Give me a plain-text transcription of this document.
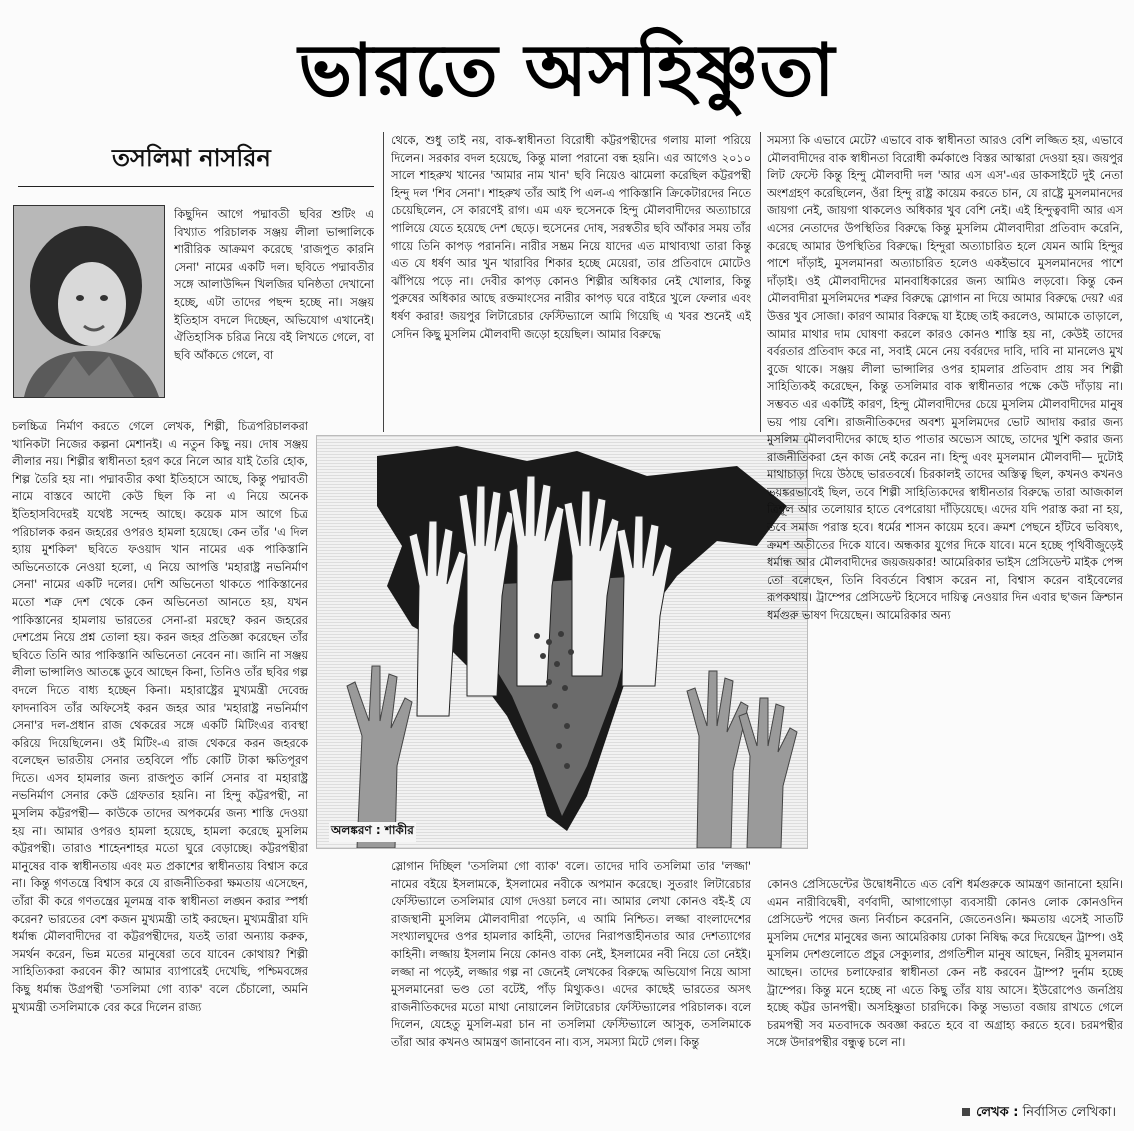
ভারতে অসহিষ্ণুতা
তসলিমা নাসরিন

কিছুদিন আগে পদ্মাবতী ছবির শুটিং এ বিখ্যাত পরিচালক সঞ্জয় লীলা ভান্সালিকে শারীরিক আক্রমণ করেছে 'রাজপুত কারনি সেনা' নামের একটি দল। ছবিতে পদ্মাবতীর সঙ্গে আলাউদ্দিন খিলজির ঘনিষ্ঠতা দেখানো হচ্ছে, এটা তাদের পছন্দ হচ্ছে না। সঞ্জয় ইতিহাস বদলে দিচ্ছেন, অভিযোগ এখানেই। ঐতিহাসিক চরিত্র নিয়ে বই লিখতে গেলে, বা ছবি আঁকতে গেলে, বা

চলচ্চিত্র নির্মাণ করতে গেলে লেখক, শিল্পী, চিত্রপরিচালকরা খানিকটা নিজের কল্পনা মেশানই। এ নতুন কিছু নয়। দোষ সঞ্জয় লীলার নয়। শিল্পীর স্বাধীনতা হরণ করে নিলে আর যাই তৈরি হোক, শিল্প তৈরি হয় না। পদ্মাবতীর কথা ইতিহাসে আছে, কিন্তু পদ্মাবতী নামে বাস্তবে আদৌ কেউ ছিল কি না এ নিয়ে অনেক ইতিহাসবিদেরই যথেষ্ট সন্দেহ আছে। কয়েক মাস আগে চিত্র পরিচালক করন জহরের ওপরও হামলা হয়েছে। কেন তাঁর 'এ দিল হ্যায় মুশকিল' ছবিতে ফওয়াদ খান নামের এক পাকিস্তানি অভিনেতাকে নেওয়া হলো, এ নিয়ে আপত্তি 'মহারাষ্ট্র নভনির্মাণ সেনা' নামের একটি দলের। দেশি অভিনেতা থাকতে পাকিস্তানের মতো শত্রু দেশ থেকে কেন অভিনেতা আনতে হয়, যখন পাকিস্তানের হামলায় ভারতের সেনা-রা মরছে? করন জহরের দেশপ্রেম নিয়ে প্রশ্ন তোলা হয়। করন জহর প্রতিজ্ঞা করেছেন তাঁর ছবিতে তিনি আর পাকিস্তানি অভিনেতা নেবেন না। জানি না সঞ্জয় লীলা ভান্সালিও আতঙ্কে ডুবে আছেন কিনা, তিনিও তাঁর ছবির গল্প বদলে দিতে বাধ্য হচ্ছেন কিনা। মহারাষ্ট্রের মুখ্যমন্ত্রী দেবেন্দ্র ফাদনাবিস তাঁর অফিসেই করন জহর আর 'মহারাষ্ট্র নভনির্মাণ সেনা'র দল-প্রধান রাজ থেকরের সঙ্গে একটি মিটিংএর ব্যবস্থা করিয়ে দিয়েছিলেন। ওই মিটিং-এ রাজ থেকরে করন জহরকে বলেছেন ভারতীয় সেনার তহবিলে পাঁচ কোটি টাকা ক্ষতিপূরণ দিতে। এসব হামলার জন্য রাজপুত কার্নি সেনার বা মহারাষ্ট্র নভনির্মাণ সেনার কেউ গ্রেফতার হয়নি। না হিন্দু কট্টরপন্থী, না মুসলিম কট্টরপন্থী— কাউকে তাদের অপকর্মের জন্য শাস্তি দেওয়া হয় না। আমার ওপরও হামলা হয়েছে, হামলা করেছে মুসলিম কট্টরপন্থী। তারাও শাহেনশাহর মতো ঘুরে বেড়াচ্ছে। কট্টরপন্থীরা মানুষের বাক স্বাধীনতায় এবং মত প্রকাশের স্বাধীনতায় বিশ্বাস করে না। কিন্তু গণতন্ত্রে বিশ্বাস করে যে রাজনীতিকরা ক্ষমতায় এসেছেন, তাঁরা কী করে গণতন্ত্রের মূলমন্ত্র বাক স্বাধীনতা লঙ্ঘন করার স্পর্ধা করেন? ভারতের বেশ কজন মুখ্যমন্ত্রী তাই করছেন। মুখ্যমন্ত্রীরা যদি ধর্মান্ধ মৌলবাদীদের বা কট্টরপন্থীদের, যতই তারা অন্যায় করুক, সমর্থন করেন, ভিন্ন মতের মানুষেরা তবে যাবেন কোথায়? শিল্পী সাহিত্যিকরা করবেন কী? আমার ব্যাপারেই দেখেছি, পশ্চিমবঙ্গের কিছু ধর্মান্ধ উগ্রপন্থী 'তসলিমা গো ব্যাক' বলে চেঁচালো, অমনি মুখ্যমন্ত্রী তসলিমাকে বের করে দিলেন রাজ্য

থেকে, শুধু তাই নয়, বাক-স্বাধীনতা বিরোধী কট্টরপন্থীদের গলায় মালা পরিয়ে দিলেন। সরকার বদল হয়েছে, কিন্তু মালা পরানো বন্ধ হয়নি। এর আগেও ২০১০ সালে শাহরুখ খানের 'আমার নাম খান' ছবি নিয়েও ঝামেলা করেছিল কট্টরপন্থী হিন্দু দল 'শিব সেনা'। শাহরুখ তাঁর আই পি এল-এ পাকিস্তানি ক্রিকেটারদের নিতে চেয়েছিলেন, সে কারণেই রাগ। এম এফ হুসেনকে হিন্দু মৌলবাদীদের অত্যাচারে পালিয়ে যেতে হয়েছে দেশ ছেড়ে। হুসেনের দোষ, সরস্বতীর ছবি আঁকার সময় তাঁর গায়ে তিনি কাপড় পরাননি। নারীর সম্ভ্রম নিয়ে যাদের এত মাথাব্যথা তারা কিন্তু এত যে ধর্ষণ আর খুন খারাবির শিকার হচ্ছে মেয়েরা, তার প্রতিবাদে মোটেও ঝাঁপিয়ে পড়ে না। দেবীর কাপড় কোনও শিল্পীর অধিকার নেই খোলার, কিন্তু পুরুষের অধিকার আছে রক্তমাংসের নারীর কাপড় ঘরে বাইরে খুলে ফেলার এবং ধর্ষণ করার! জয়পুর লিটারেচার ফেস্টিভ্যালে আমি গিয়েছি এ খবর শুনেই এই সেদিন কিছু মুসলিম মৌলবাদী জড়ো হয়েছিল। আমার বিরুদ্ধে

অলঙ্করণ : শাকীর

স্লোগান দিচ্ছিল 'তসলিমা গো ব্যাক' বলে। তাদের দাবি তসলিমা তার 'লজ্জা' নামের বইয়ে ইসলামকে, ইসলামের নবীকে অপমান করেছে। সুতরাং লিটারেচার ফেস্টিভ্যালে তসলিমার যোগ দেওয়া চলবে না। আমার লেখা কোনও বই-ই যে রাজস্থানী মুসলিম মৌলবাদীরা পড়েনি, এ আমি নিশ্চিত। লজ্জা বাংলাদেশের সংখ্যালঘুদের ওপর হামলার কাহিনী, তাদের নিরাপত্তাহীনতার আর দেশত্যাগের কাহিনী। লজ্জায় ইসলাম নিয়ে কোনও বাক্য নেই, ইসলামের নবী নিয়ে তো নেইই। লজ্জা না পড়েই, লজ্জার গল্প না জেনেই লেখকের বিরুদ্ধে অভিযোগ নিয়ে আসা মুসলমানেরা ভণ্ড তো বটেই, পাঁড় মিথ্যুকও। এদের কাছেই ভারতের অসৎ রাজনীতিকদের মতো মাথা নোয়ালেন লিটারেচার ফেস্টিভ্যালের পরিচালক। বলে দিলেন, যেহেতু মুসলি-মরা চান না তসলিমা ফেস্টিভ্যালে আসুক, তসলিমাকে তাঁরা আর কখনও আমন্ত্রণ জানাবেন না। ব্যস, সমস্যা মিটে গেল। কিন্তু

সমস্যা কি এভাবে মেটে? এভাবে বাক স্বাধীনতা আরও বেশি লজ্জিত হয়, এভাবে মৌলবাদীদের বাক স্বাধীনতা বিরোধী কর্মকাণ্ডে বিস্তর আস্কারা দেওয়া হয়। জয়পুর লিট ফেস্টে কিন্তু হিন্দু মৌলবাদী দল 'আর এস এস'-এর ডাকসাইটে দুই নেতা অংশগ্রহণ করেছিলেন, ওঁরা হিন্দু রাষ্ট্র কায়েম করতে চান, যে রাষ্ট্রে মুসলমানদের জায়গা নেই, জায়গা থাকলেও অধিকার খুব বেশি নেই। এই হিন্দুত্ববাদী আর এস এসের নেতাদের উপস্থিতির বিরুদ্ধে কিন্তু মুসলিম মৌলবাদীরা প্রতিবাদ করেনি, করেছে আমার উপস্থিতির বিরুদ্ধে। হিন্দুরা অত্যাচারিত হলে যেমন আমি হিন্দুর পাশে দাঁড়াই, মুসলমানরা অত্যাচারিত হলেও একইভাবে মুসলমানদের পাশে দাঁড়াই। ওই মৌলবাদীদের মানবাধিকারের জন্য আমিও লড়বো। কিন্তু কেন মৌলবাদীরা মুসলিমদের শত্রুর বিরুদ্ধে স্লোগান না দিয়ে আমার বিরুদ্ধে দেয়? এর উত্তর খুব সোজা। কারণ আমার বিরুদ্ধে যা ইচ্ছে তাই করলেও, আমাকে তাড়ালে, আমার মাথার দাম ঘোষণা করলে কারও কোনও শাস্তি হয় না, কেউই তাদের বর্বরতার প্রতিবাদ করে না, সবাই মেনে নেয় বর্বরদের দাবি, দাবি না মানলেও মুখ বুজে থাকে। সঞ্জয় লীলা ভান্সালির ওপর হামলার প্রতিবাদ প্রায় সব শিল্পী সাহিত্যিকই করেছেন, কিন্তু তসলিমার বাক স্বাধীনতার পক্ষে কেউ দাঁড়ায় না। সম্ভবত এর একটিই কারণ, হিন্দু মৌলবাদীদের চেয়ে মুসলিম মৌলবাদীদের মানুষ ভয় পায় বেশি। রাজনীতিকদের অবশ্য মুসলিমদের ভোট আদায় করার জন্য মুসলিম মৌলবাদীদের কাছে হাত পাতার অভ্যেস আছে, তাদের খুশি করার জন্য রাজনীতিকরা হেন কাজ নেই করেন না। হিন্দু এবং মুসলমান মৌলবাদী— দুটোই মাথাচাড়া দিয়ে উঠছে ভারতবর্ষে। চিরকালই তাদের অস্তিত্ব ছিল, কখনও কখনও ভয়ঙ্করভাবেই ছিল, তবে শিল্পী সাহিত্যিকদের স্বাধীনতার বিরুদ্ধে তারা আজকাল ত্রিশূল আর তলোয়ার হাতে বেপরোয়া দাঁড়িয়েছে। এদের যদি পরাস্ত করা না হয়, তবে সমাজ পরাস্ত হবে। ধর্মের শাসন কায়েম হবে। ক্রমশ পেছনে হাঁটবে ভবিষ্যৎ, ক্রমশ অতীতের দিকে যাবে। অন্ধকার যুগের দিকে যাবে। মনে হচ্ছে পৃথিবীজুড়েই ধর্মান্ধ আর মৌলবাদীদের জয়জয়কার! আমেরিকার ভাইস প্রেসিডেন্ট মাইক পেন্স তো বলেছেন, তিনি বিবর্তনে বিশ্বাস করেন না, বিশ্বাস করেন বাইবেলের রূপকথায়। ট্রাম্পের প্রেসিডেন্ট হিসেবে দায়িত্ব নেওয়ার দিন এবার ছ'জন ক্রিশ্চান ধর্মগুরু ভাষণ দিয়েছেন। আমেরিকার অন্য

কোনও প্রেসিডেন্টের উদ্বোধনীতে এত বেশি ধর্মগুরুকে আমন্ত্রণ জানানো হয়নি। এমন নারীবিদ্বেষী, বর্ণবাদী, আগাগোড়া ব্যবসায়ী কোনও লোক কোনওদিন প্রেসিডেন্ট পদের জন্য নির্বাচন করেননি, জেতেনওনি। ক্ষমতায় এসেই সাতটি মুসলিম দেশের মানুষের জন্য আমেরিকায় ঢোকা নিষিদ্ধ করে দিয়েছেন ট্রাম্প। ওই মুসলিম দেশগুলোতে প্রচুর সেক্যুলার, প্রগতিশীল মানুষ আছেন, নিরীহ মুসলমান আছেন। তাদের চলাফেরার স্বাধীনতা কেন নষ্ট করবেন ট্রাম্প? দুর্নাম হচ্ছে ট্রাম্পের। কিন্তু মনে হচ্ছে না এতে কিছু তাঁর যায় আসে। ইউরোপেও জনপ্রিয় হচ্ছে কট্টর ডানপন্থী। অসহিষ্ণুতা চারদিকে। কিন্তু সভ্যতা বজায় রাখতে গেলে চরমপন্থী সব মতবাদকে অবজ্ঞা করতে হবে বা অগ্রাহ্য করতে হবে। চরমপন্থীর সঙ্গে উদারপন্থীর বন্ধুত্ব চলে না।

লেখক : নির্বাসিত লেখিকা।
